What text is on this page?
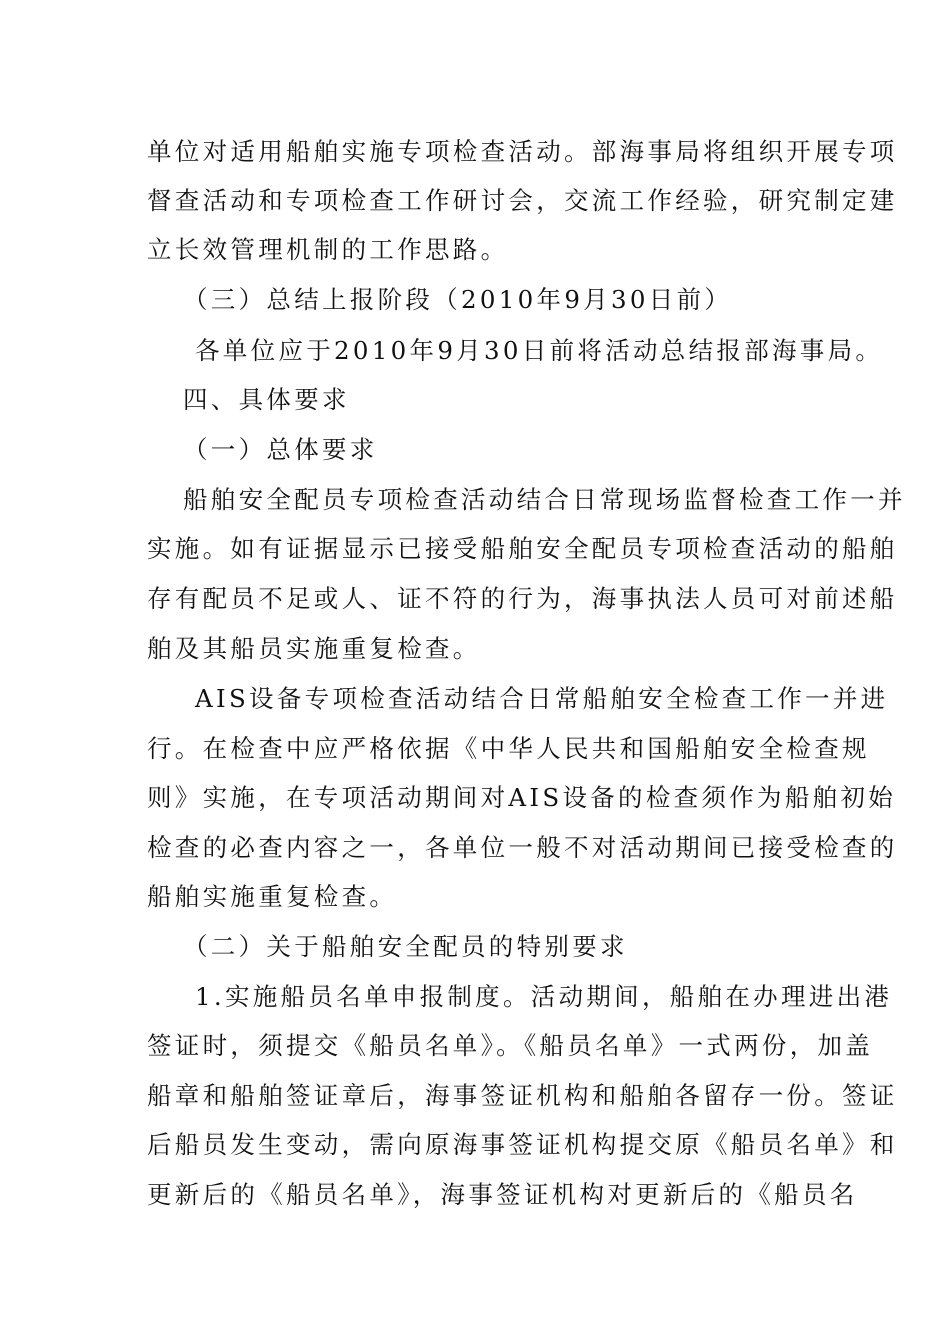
单位对适用船舶实施专项检查活动。部海事局将组织开展专项
督查活动和专项检查工作研讨会，交流工作经验，研究制定建
立长效管理机制的工作思路。
（三）总结上报阶段（2010年9月30日前）
各单位应于2010年9月30日前将活动总结报部海事局。
四、具体要求
（一）总体要求
船舶安全配员专项检查活动结合日常现场监督检查工作一并
实施。如有证据显示已接受船舶安全配员专项检查活动的船舶
存有配员不足或人、证不符的行为，海事执法人员可对前述船
舶及其船员实施重复检查。
AIS设备专项检查活动结合日常船舶安全检查工作一并进
行。在检查中应严格依据《中华人民共和国船舶安全检查规
则》实施，在专项活动期间对AIS设备的检查须作为船舶初始
检查的必查内容之一，各单位一般不对活动期间已接受检查的
船舶实施重复检查。
（二）关于船舶安全配员的特别要求
1.实施船员名单申报制度。活动期间，船舶在办理进出港
签证时，须提交《船员名单》。《船员名单》一式两份，加盖
船章和船舶签证章后，海事签证机构和船舶各留存一份。签证
后船员发生变动，需向原海事签证机构提交原《船员名单》和
更新后的《船员名单》，海事签证机构对更新后的《船员名
